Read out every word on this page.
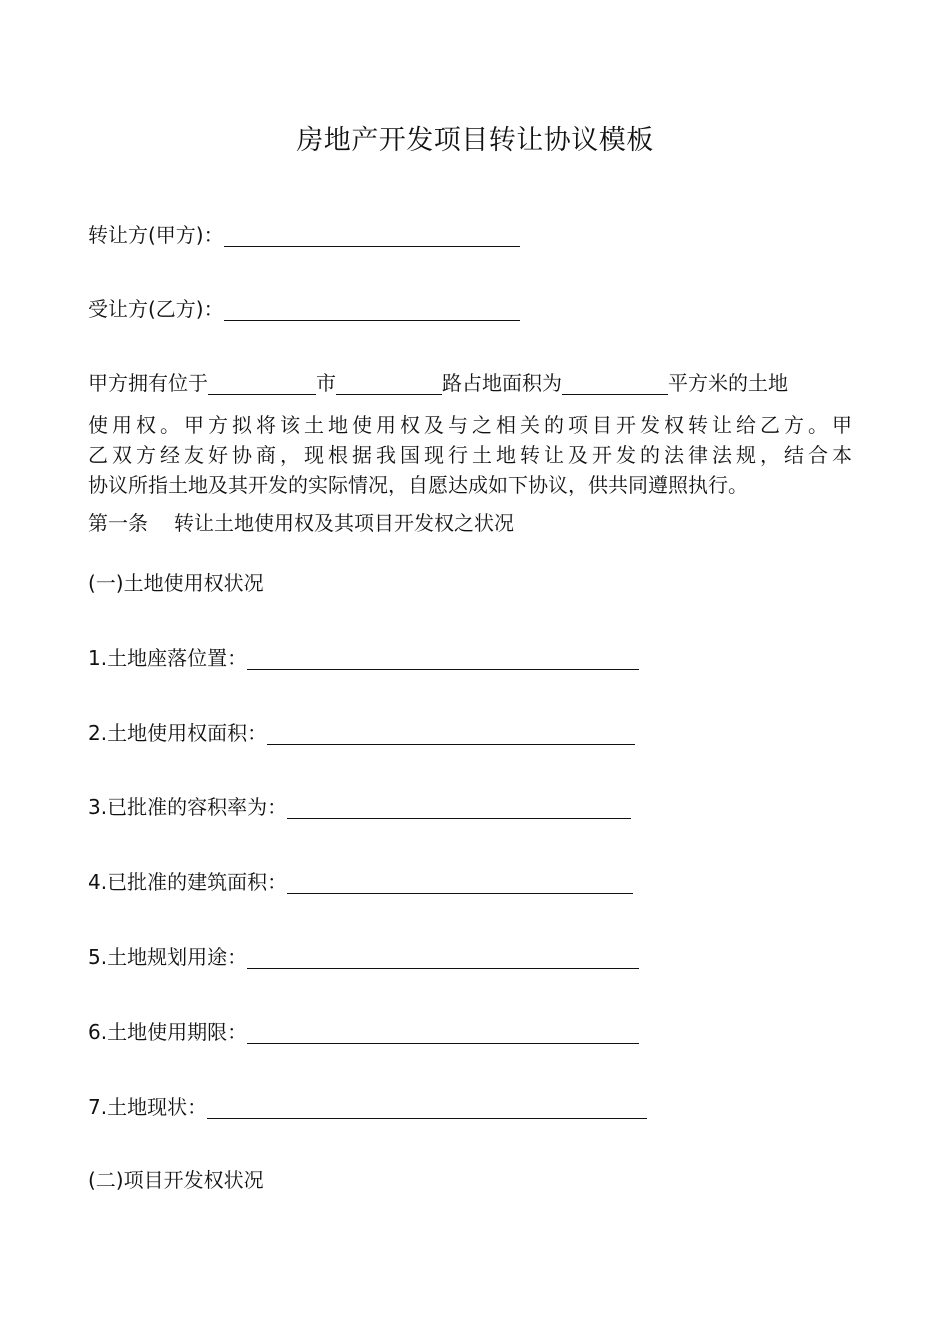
房地产开发项目转让协议模板
转让方(甲方)：
受让方(乙方)：
甲方拥有位于	市	路占地面积为	平方米的土地
使用权。甲方拟将该土地使用权及与之相关的项目开发权转让给乙方。甲
乙双方经友好协商，现根据我国现行土地转让及开发的法律法规，结合本
协议所指土地及其开发的实际情况，自愿达成如下协议，供共同遵照执行。
第一条 转让土地使用权及其项目开发权之状况
(一)土地使用权状况
1.土地座落位置：
2.土地使用权面积：
3.已批准的容积率为：
4.已批准的建筑面积：
5.土地规划用途：
6.土地使用期限：
7.土地现状：
(二)项目开发权状况
